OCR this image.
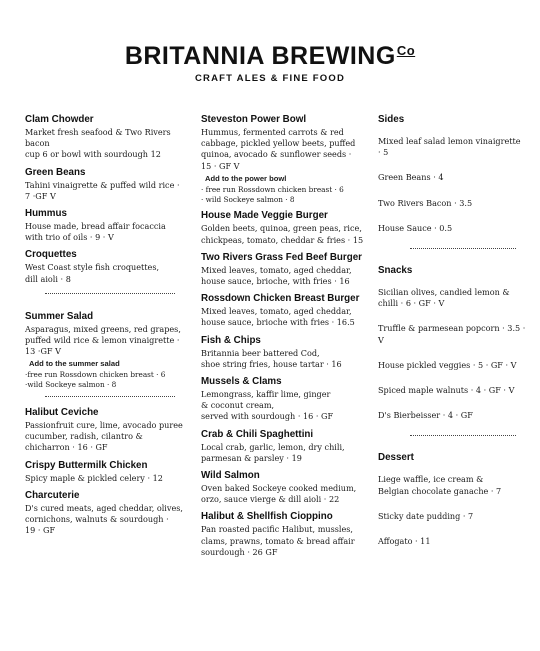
BRITANNIA $BREWING^{Co}$
CRAFT ALES & FINE FOOD
Clam Chowder
Market fresh seafood & Two Rivers
bacon
cup 6 or bowl with sourdough 12
Green Beans
Tahini vinaigrette & puffed wild rice ·
7 ·GF V
Hummus
House made, bread affair focaccia
with trio of oils · 9 · V
Croquettes
West Coast style fish croquettes,
dill aioli · 8
Summer Salad
Asparagus, mixed greens, red grapes,
puffed wild rice & lemon vinaigrette ·
13 ·GF V
Add to the summer salad
·free run Rossdown chicken breast · 6
·wild Sockeye salmon · 8
Halibut Ceviche
Passionfruit cure, lime, avocado puree
cucumber, radish, cilantro &
chicharron · 16 · GF
Crispy Buttermilk Chicken
Spicy maple & pickled celery · 12
Charcuterie
D's cured meats, aged cheddar, olives,
cornichons, walnuts & sourdough ·
19 · GF
Steveston Power Bowl
Hummus, fermented carrots & red
cabbage, pickled yellow beets, puffed
quinoa, avocado & sunflower seeds ·
15 · GF V
Add to the power bowl
· free run Rossdown chicken breast · 6
· wild Sockeye salmon · 8
House Made Veggie Burger
Golden beets, quinoa, green peas, rice,
chickpeas, tomato, cheddar & fries · 15
Two Rivers Grass Fed Beef Burger
Mixed leaves, tomato, aged cheddar,
house sauce, brioche, with fries · 16
Rossdown Chicken Breast Burger
Mixed leaves, tomato, aged cheddar,
house sauce, brioche with fries · 16.5
Fish & Chips
Britannia beer battered Cod,
shoe string fries, house tartar · 16
Mussels & Clams
Lemongrass, kaffir lime, ginger
& coconut cream,
served with sourdough · 16 · GF
Crab & Chili Spaghettini
Local crab, garlic, lemon, dry chili,
parmesan & parsley · 19
Wild Salmon
Oven baked Sockeye cooked medium,
orzo, sauce vierge & dill aioli · 22
Halibut & Shellfish Cioppino
Pan roasted pacific Halibut, mussles,
clams, prawns, tomato & bread affair
sourdough · 26 GF
Sides
Mixed leaf salad lemon vinaigrette
· 5
Green Beans · 4
Two Rivers Bacon · 3.5
House Sauce · 0.5
Snacks
Sicilian olives, candied lemon &
chilli · 6 · GF · V
Truffle & parmesean popcorn · 3.5 · V
House pickled veggies · 5 · GF · V
Spiced maple walnuts · 4 · GF · V
D's Bierbeisser · 4 · GF
Dessert
Liege waffle, ice cream &
Belgian chocolate ganache · 7
Sticky date pudding · 7
Affogato · 11
